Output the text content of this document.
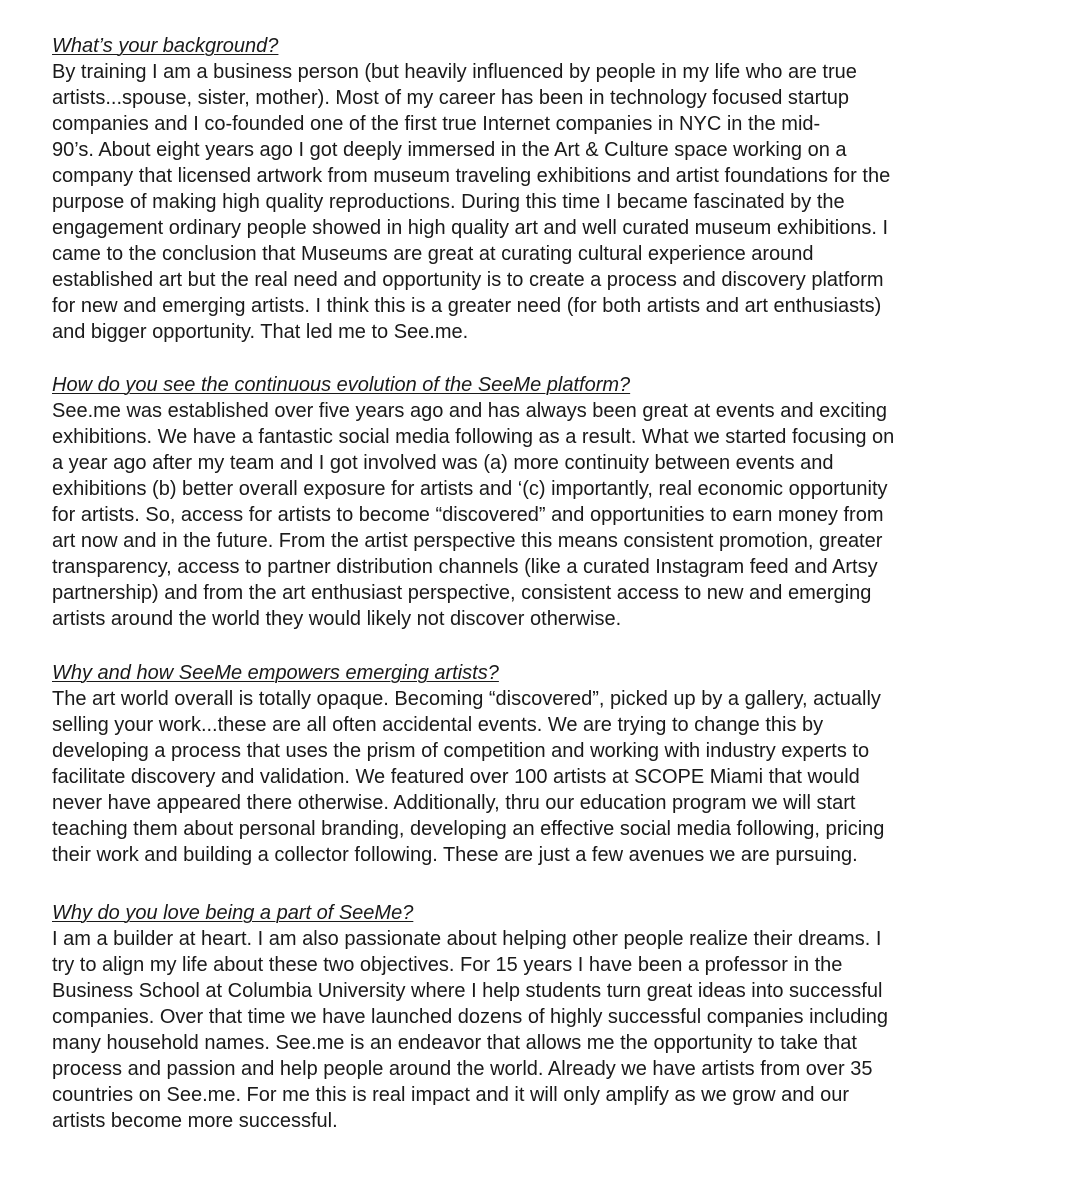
What’s your background?
By training I am a business person (but heavily influenced by people in my life who are true
artists...spouse, sister, mother). Most of my career has been in technology focused startup
companies and I co-founded one of the first true Internet companies in NYC in the mid-
90’s. About eight years ago I got deeply immersed in the Art & Culture space working on a
company that licensed artwork from museum traveling exhibitions and artist foundations for the
purpose of making high quality reproductions. During this time I became fascinated by the
engagement ordinary people showed in high quality art and well curated museum exhibitions. I
came to the conclusion that Museums are great at curating cultural experience around
established art but the real need and opportunity is to create a process and discovery platform
for new and emerging artists. I think this is a greater need (for both artists and art enthusiasts)
and bigger opportunity. That led me to See.me.
How do you see the continuous evolution of the SeeMe platform?
See.me was established over five years ago and has always been great at events and exciting
exhibitions. We have a fantastic social media following as a result. What we started focusing on
a year ago after my team and I got involved was (a) more continuity between events and
exhibitions (b) better overall exposure for artists and ‘(c) importantly, real economic opportunity
for artists. So, access for artists to become “discovered” and opportunities to earn money from
art now and in the future. From the artist perspective this means consistent promotion, greater
transparency, access to partner distribution channels (like a curated Instagram feed and Artsy
partnership) and from the art enthusiast perspective, consistent access to new and emerging
artists around the world they would likely not discover otherwise.
Why and how SeeMe empowers emerging artists?
The art world overall is totally opaque. Becoming “discovered”, picked up by a gallery, actually
selling your work...these are all often accidental events. We are trying to change this by
developing a process that uses the prism of competition and working with industry experts to
facilitate discovery and validation. We featured over 100 artists at SCOPE Miami that would
never have appeared there otherwise. Additionally, thru our education program we will start
teaching them about personal branding, developing an effective social media following, pricing
their work and building a collector following. These are just a few avenues we are pursuing.
Why do you love being a part of SeeMe?
I am a builder at heart. I am also passionate about helping other people realize their dreams. I
try to align my life about these two objectives. For 15 years I have been a professor in the
Business School at Columbia University where I help students turn great ideas into successful
companies. Over that time we have launched dozens of highly successful companies including
many household names. See.me is an endeavor that allows me the opportunity to take that
process and passion and help people around the world. Already we have artists from over 35
countries on See.me. For me this is real impact and it will only amplify as we grow and our
artists become more successful.
